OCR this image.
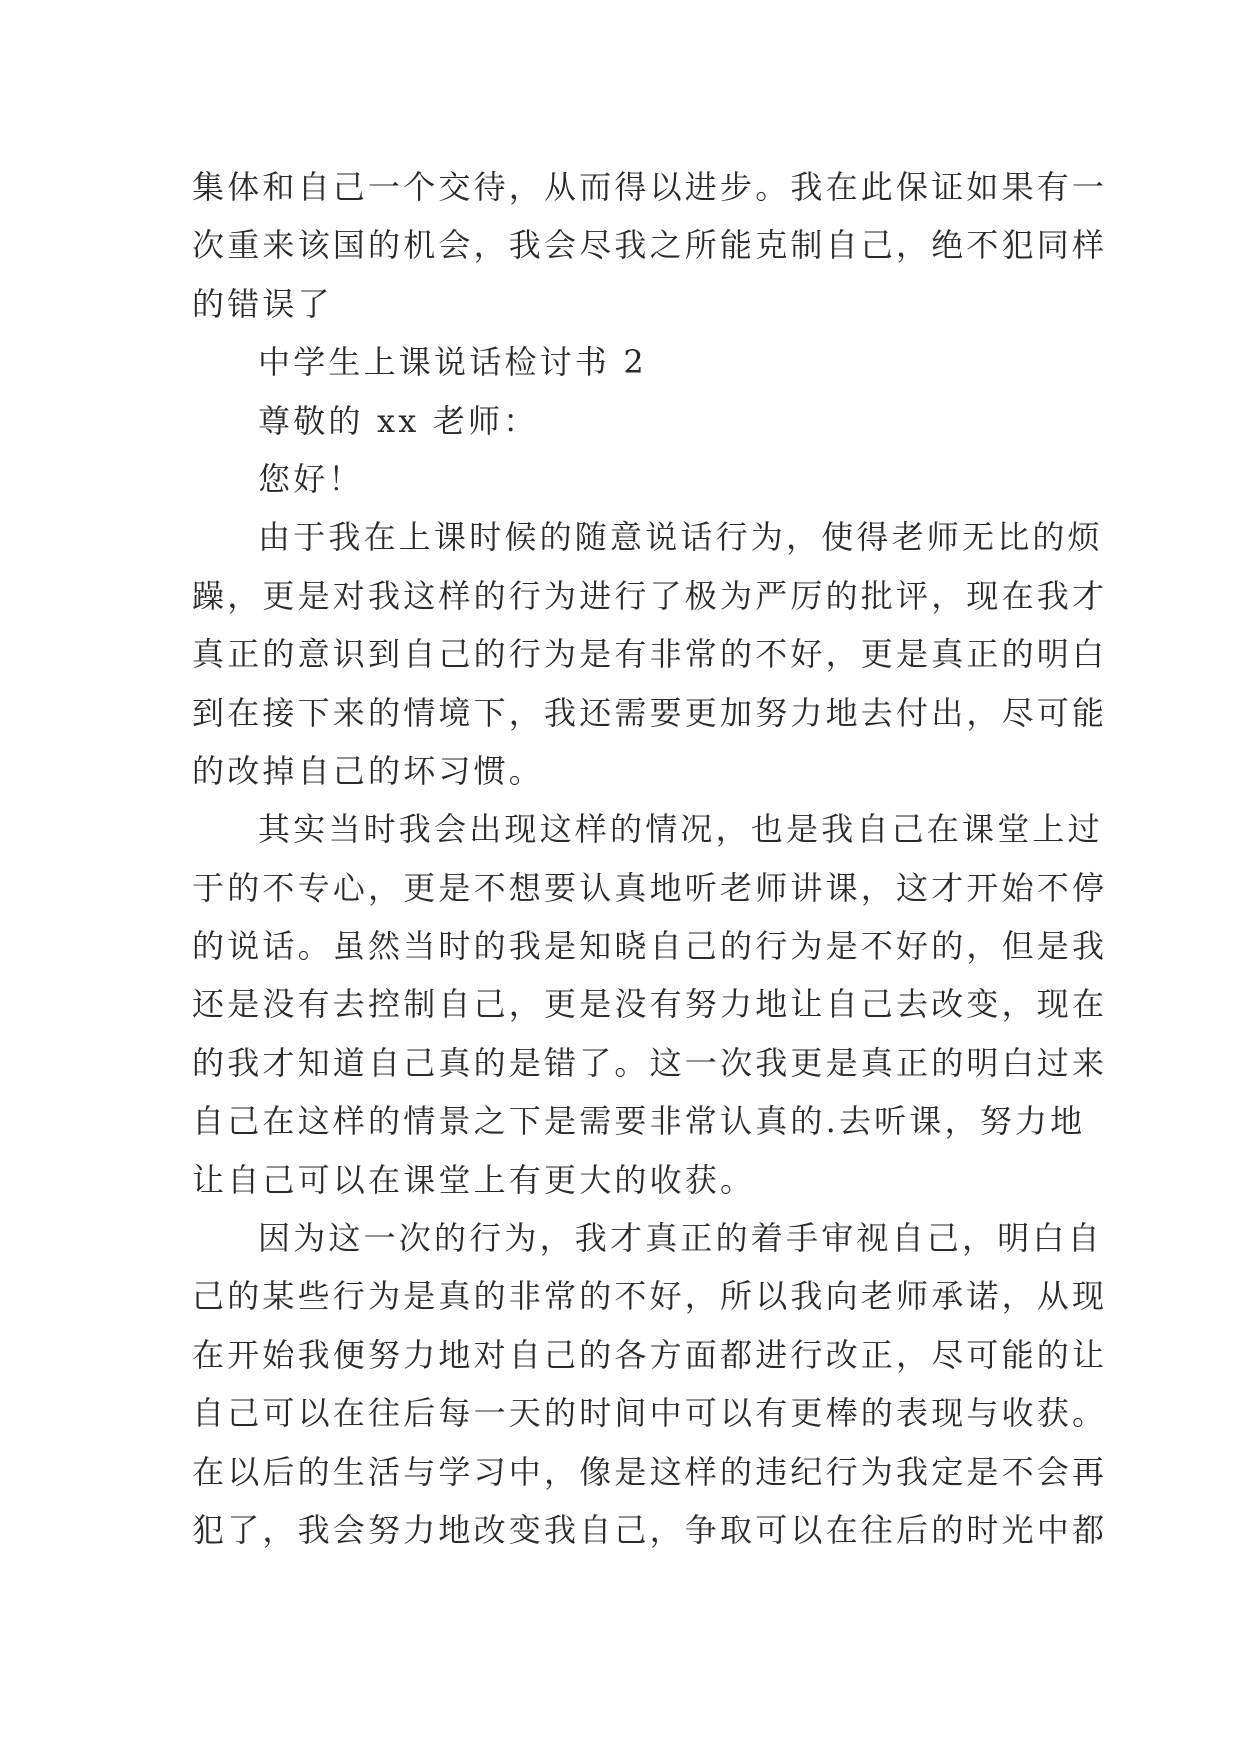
集体和自己一个交待，从而得以进步。我在此保证如果有一
次重来该国的机会，我会尽我之所能克制自己，绝不犯同样
的错误了
中学生上课说话检讨书 2
尊敬的 xx 老师：
您好！
由于我在上课时候的随意说话行为，使得老师无比的烦
躁，更是对我这样的行为进行了极为严厉的批评，现在我才
真正的意识到自己的行为是有非常的不好，更是真正的明白
到在接下来的情境下，我还需要更加努力地去付出，尽可能
的改掉自己的坏习惯。
其实当时我会出现这样的情况，也是我自己在课堂上过
于的不专心，更是不想要认真地听老师讲课，这才开始不停
的说话。虽然当时的我是知晓自己的行为是不好的，但是我
还是没有去控制自己，更是没有努力地让自己去改变，现在
的我才知道自己真的是错了。这一次我更是真正的明白过来
自己在这样的情景之下是需要非常认真的.去听课，努力地
让自己可以在课堂上有更大的收获。
因为这一次的行为，我才真正的着手审视自己，明白自
己的某些行为是真的非常的不好，所以我向老师承诺，从现
在开始我便努力地对自己的各方面都进行改正，尽可能的让
自己可以在往后每一天的时间中可以有更棒的表现与收获。
在以后的生活与学习中，像是这样的违纪行为我定是不会再
犯了，我会努力地改变我自己，争取可以在往后的时光中都
